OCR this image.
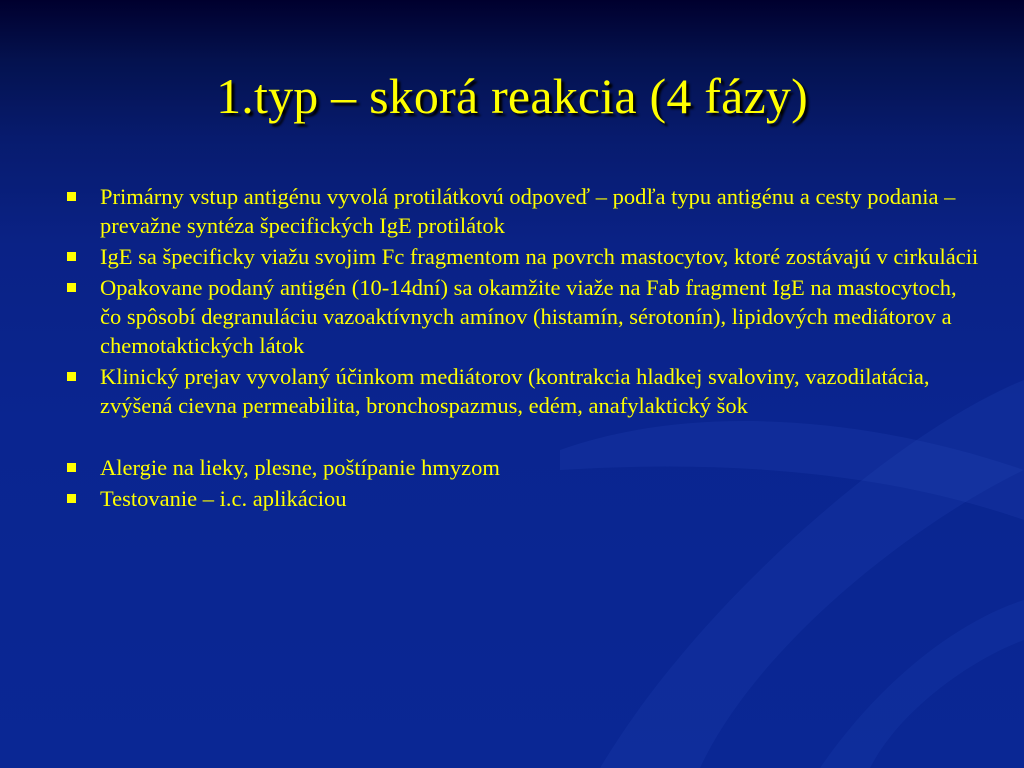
1.typ – skorá reakcia (4 fázy)
Primárny vstup antigénu vyvolá protilátkovú odpoveď – podľa typu antigénu a cesty podania – prevažne syntéza špecifických IgE protilátok
IgE sa špecificky viažu svojim Fc fragmentom na povrch mastocytov, ktoré zostávajú v cirkulácii
Opakovane podaný antigén (10-14dní) sa okamžite viaže na Fab fragment IgE na mastocytoch, čo spôsobí degranuláciu vazoaktívnych amínov (histamín, sérotonín), lipidových mediátorov a chemotaktických látok
Klinický prejav vyvolaný účinkom mediátorov (kontrakcia hladkej svaloviny, vazodilatácia, zvýšená cievna permeabilita, bronchospazmus, edém, anafylaktický šok
Alergie na lieky, plesne, poštípanie hmyzom
Testovanie – i.c. aplikáciou
